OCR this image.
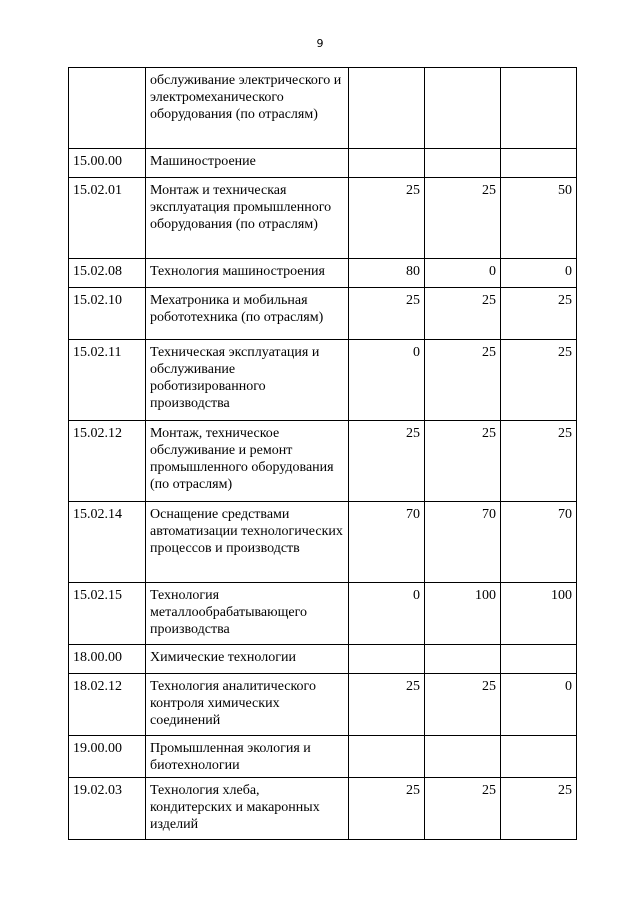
9
	обслуживание электрического и электромеханического оборудования (по отраслям)			
15.00.00	Машиностроение			
15.02.01	Монтаж и техническая эксплуатация промышленного оборудования (по отраслям)	25	25	50
15.02.08	Технология машиностроения	80	0	0
15.02.10	Мехатроника и мобильная робототехника (по отраслям)	25	25	25
15.02.11	Техническая эксплуатация и обслуживание роботизированного производства	0	25	25
15.02.12	Монтаж, техническое обслуживание и ремонт промышленного оборудования (по отраслям)	25	25	25
15.02.14	Оснащение средствами автоматизации технологических процессов и производств	70	70	70
15.02.15	Технология металлообрабатывающего производства	0	100	100
18.00.00	Химические технологии			
18.02.12	Технология аналитического контроля химических соединений	25	25	0
19.00.00	Промышленная экология и биотехнологии			
19.02.03	Технология хлеба, кондитерских и макаронных изделий	25	25	25
